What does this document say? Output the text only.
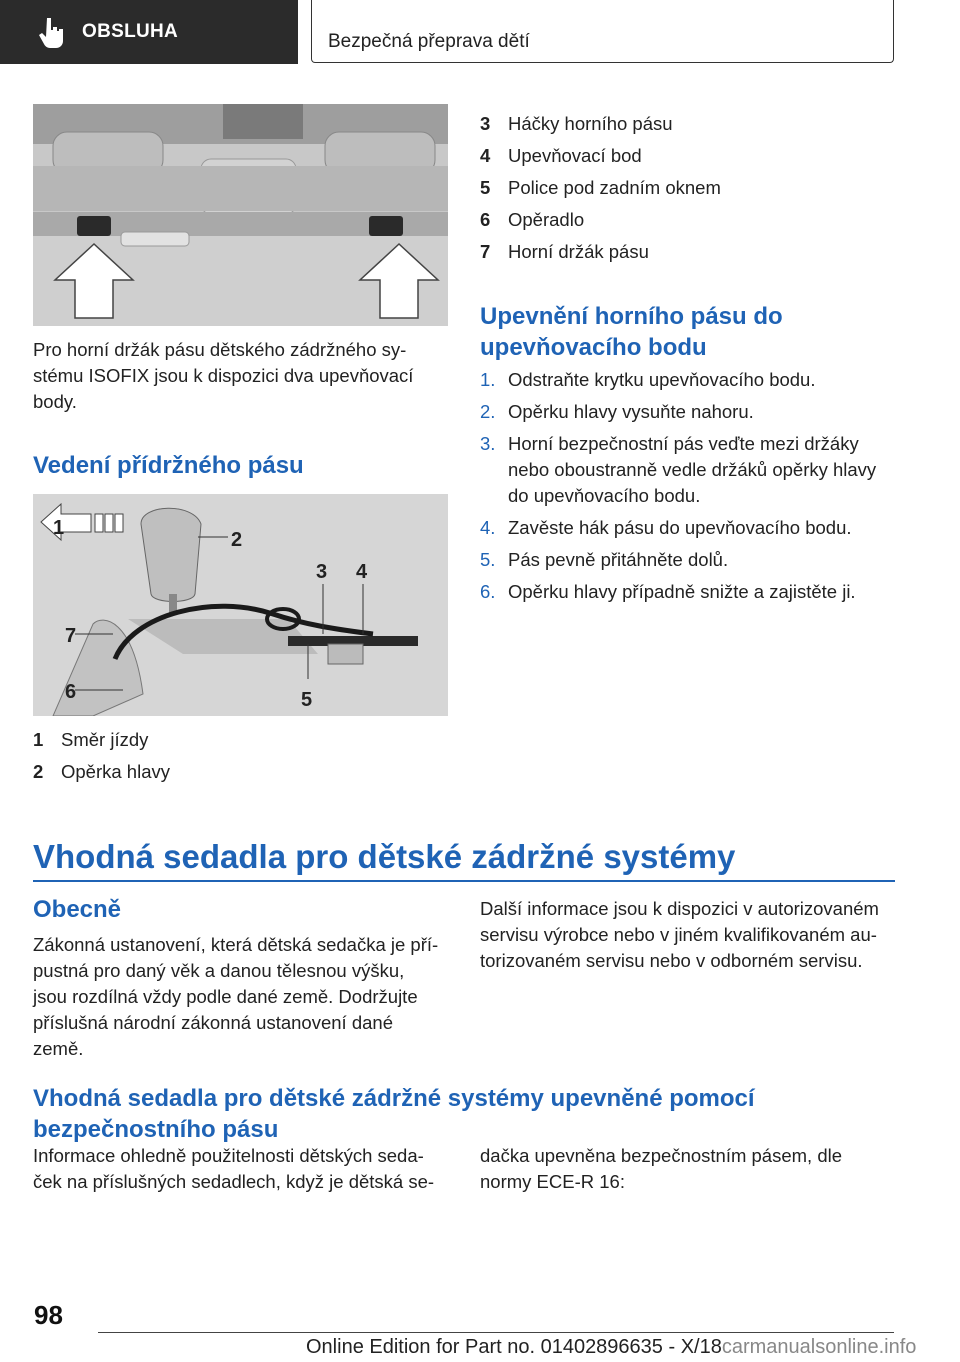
OBSLUHA	Bezpečná přeprava dětí

Pro horní držák pásu dětského zádržného sy-

stému ISOFIX jsou k dispozici dva upevňovací

body.

Vedení přídržného pásu
1
2
3 4
5
6
7
1 Směr jízdy
2 Opěrka hlavy
3 Háčky horního pásu
4 Upevňovací bod
5 Police pod zadním oknem
6 Opěradlo
7 Horní držák pásu
Upevnění horního pásu do
upevňovacího bodu
1. Odstraňte krytku upevňovacího bodu.
2. Opěrku hlavy vysuňte nahoru.
3. Horní bezpečnostní pás veďte mezi držáky
nebo oboustranně vedle držáků opěrky hlavy
do upevňovacího bodu.
4. Zavěste hák pásu do upevňovacího bodu.
5. Pás pevně přitáhněte dolů.
6. Opěrku hlavy případně snižte a zajistěte ji.
Vhodná sedadla pro dětské zádržné systémy
Obecně

Zákonná ustanovení, která dětská sedačka je pří-

pustná pro daný věk a danou tělesnou výšku,

jsou rozdílná vždy podle dané země. Dodržujte

příslušná národní zákonná ustanovení dané

země.

Další informace jsou k dispozici v autorizovaném

servisu výrobce nebo v jiném kvalifikovaném au-

torizovaném servisu nebo v odborném servisu.

Vhodná sedadla pro dětské zádržné systémy upevněné pomocí
bezpečnostního pásu

Informace ohledně použitelnosti dětských seda-

ček na příslušných sedadlech, když je dětská se-

dačka upevněna bezpečnostním pásem, dle

normy ECE-R 16:

98
Online Edition for Part no. 01402896635 - X/18carmanualsonline.info
